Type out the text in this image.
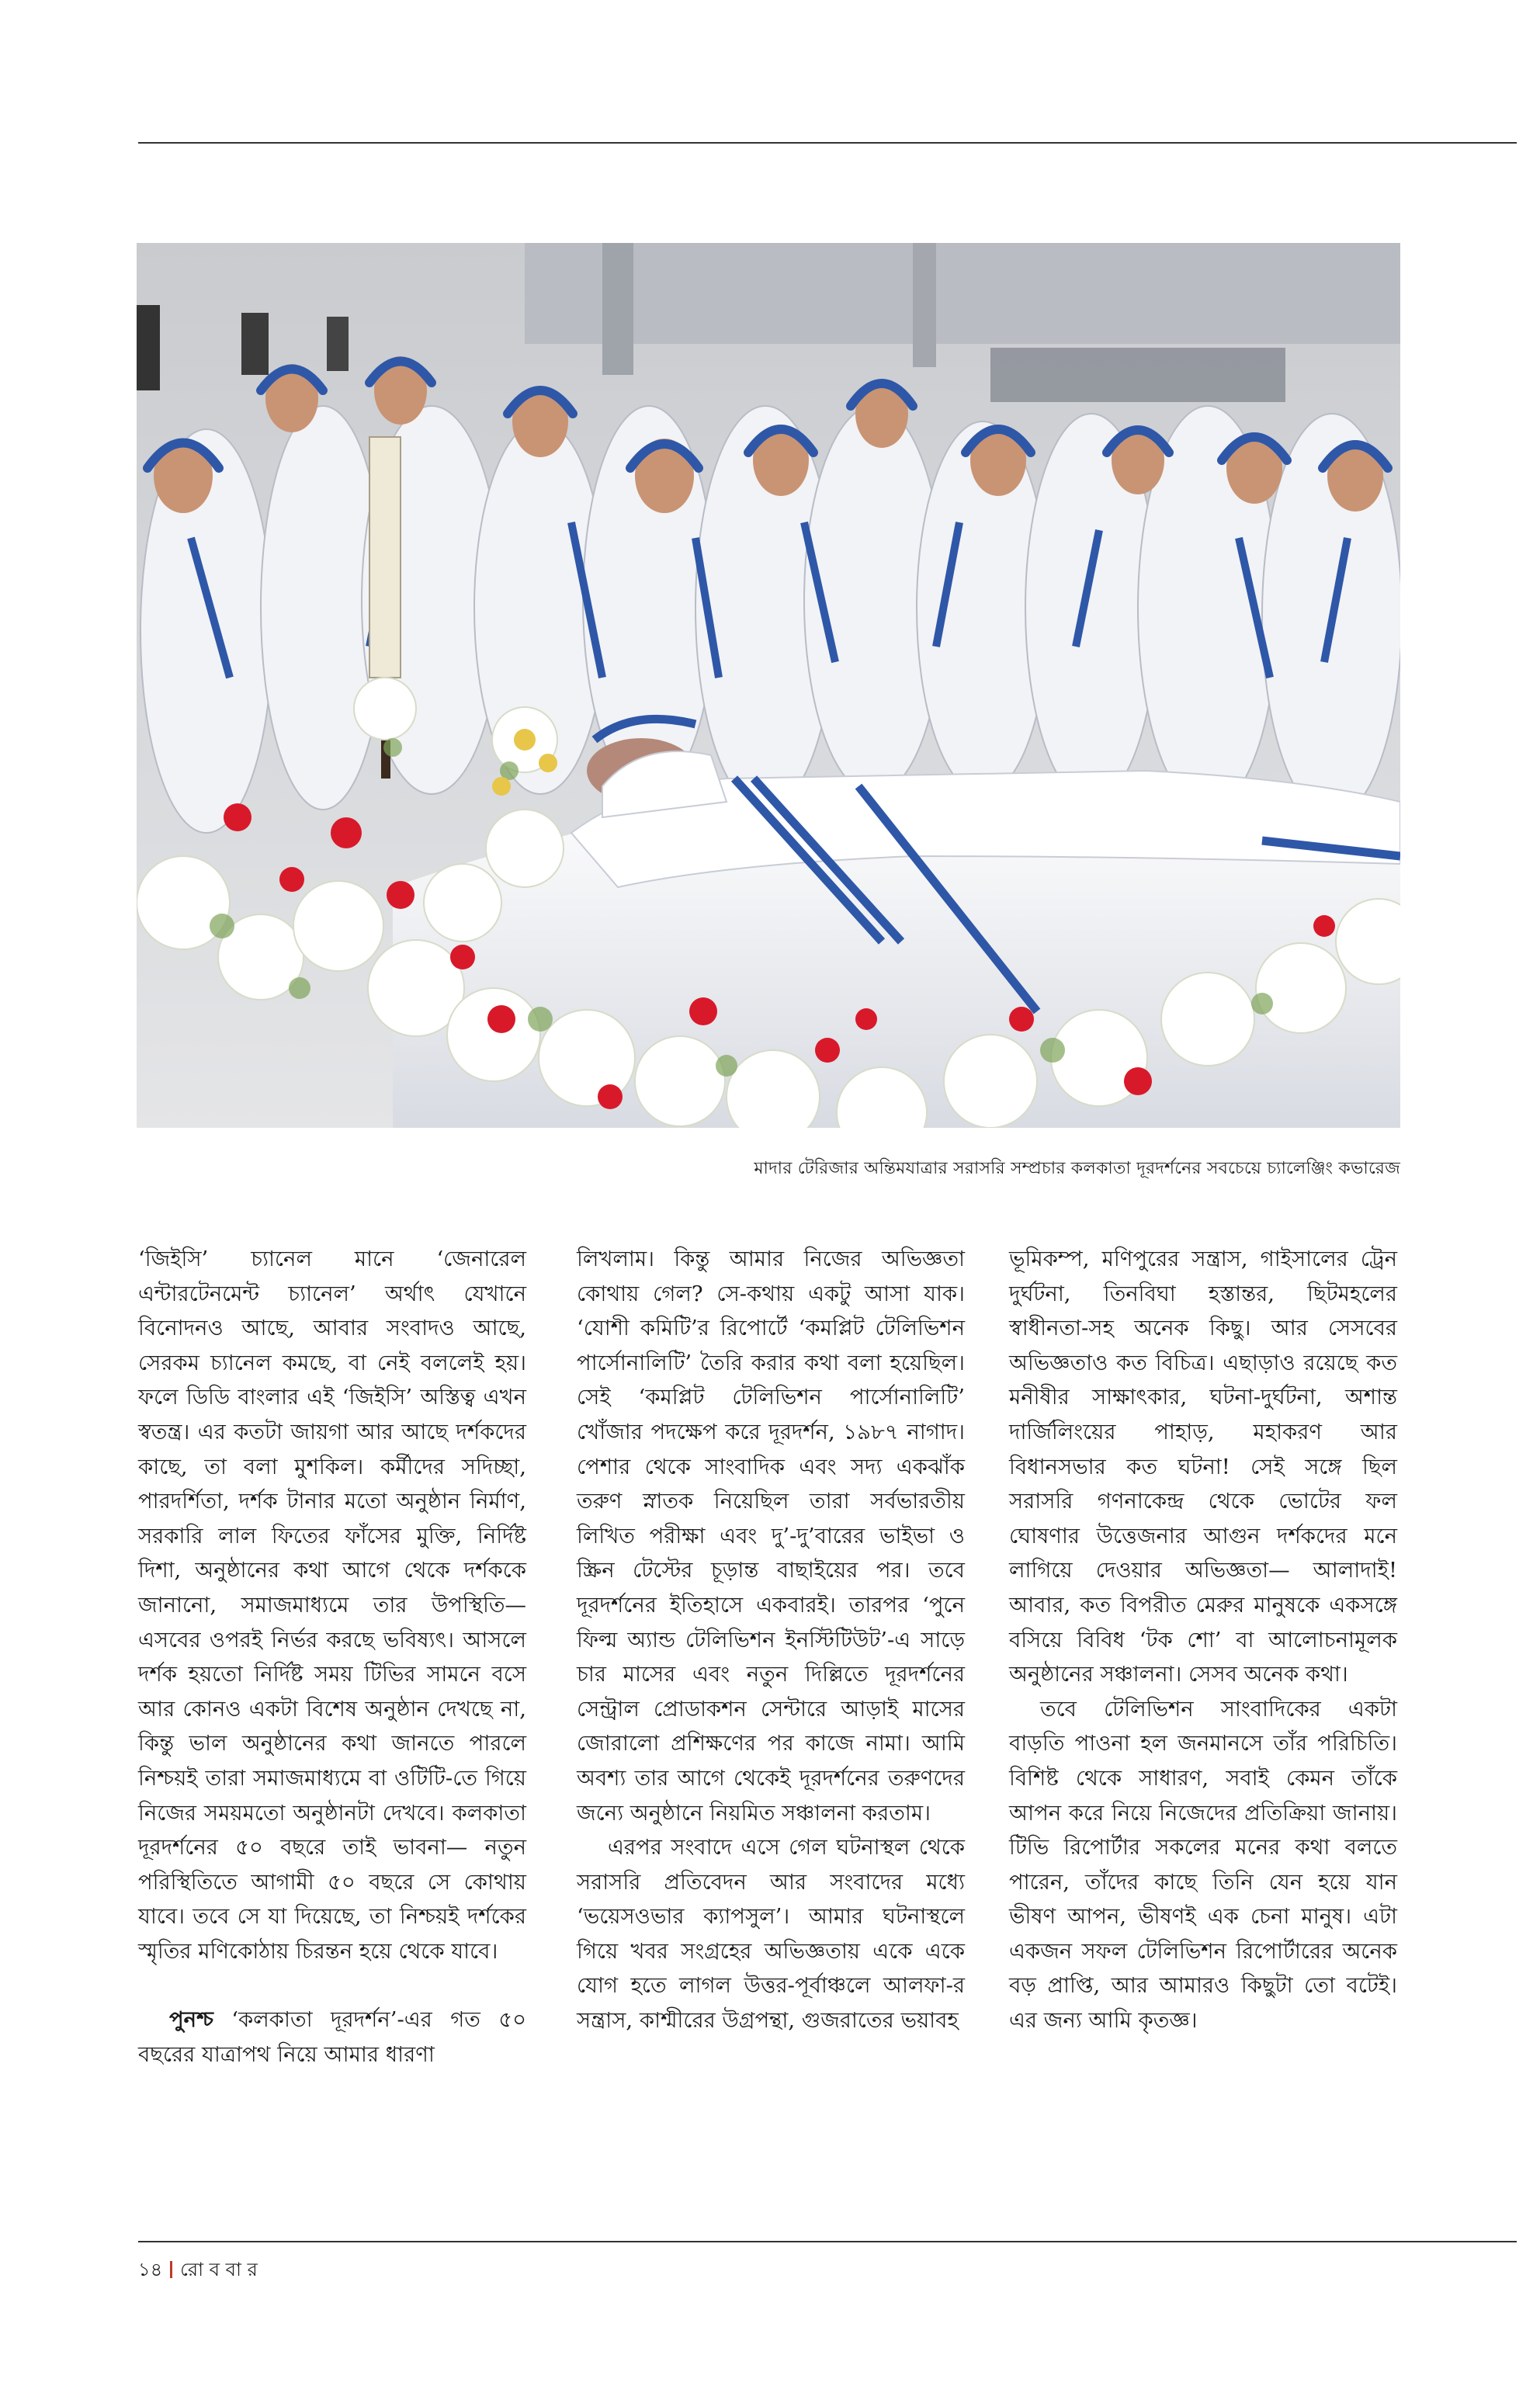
মাদার টেরিজার অন্তিমযাত্রার সরাসরি সম্প্রচার কলকাতা দূরদর্শনের সবচেয়ে চ্যালেঞ্জিং কভারেজ

‘জিইসি’ চ্যানেল মানে ‘জেনারেল এন্টারটেনমেন্ট চ্যানেল’ অর্থাৎ যেখানে বিনোদনও আছে, আবার সংবাদও আছে, সেরকম চ্যানেল কমছে, বা নেই বললেই হয়। ফলে ডিডি বাংলার এই ‘জিইসি’ অস্তিত্ব এখন স্বতন্ত্র। এর কতটা জায়গা আর আছে দর্শকদের কাছে, তা বলা মুশকিল। কর্মীদের সদিচ্ছা, পারদর্শিতা, দর্শক টানার মতো অনুষ্ঠান নির্মাণ, সরকারি লাল ফিতের ফাঁসের মুক্তি, নির্দিষ্ট দিশা, অনুষ্ঠানের কথা আগে থেকে দর্শককে জানানো, সমাজমাধ্যমে তার উপস্থিতি— এসবের ওপরই নির্ভর করছে ভবিষ্যৎ। আসলে দর্শক হয়তো নির্দিষ্ট সময় টিভির সামনে বসে আর কোনও একটা বিশেষ অনুষ্ঠান দেখছে না, কিন্তু ভাল অনুষ্ঠানের কথা জানতে পারলে নিশ্চয়ই তারা সমাজমাধ্যমে বা ওটিটি-তে গিয়ে নিজের সময়মতো অনুষ্ঠানটা দেখবে। কলকাতা দূরদর্শনের ৫০ বছরে তাই ভাবনা— নতুন পরিস্থিতিতে আগামী ৫০ বছরে সে কোথায় যাবে। তবে সে যা দিয়েছে, তা নিশ্চয়ই দর্শকের স্মৃতির মণিকোঠায় চিরন্তন হয়ে থেকে যাবে।

পুনশ্চ ‘কলকাতা দূরদর্শন’-এর গত ৫০ বছরের যাত্রাপথ নিয়ে আমার ধারণা

লিখলাম। কিন্তু আমার নিজের অভিজ্ঞতা কোথায় গেল? সে-কথায় একটু আসা যাক। ‘যোশী কমিটি’র রিপোর্টে ‘কমপ্লিট টেলিভিশন পার্সোনালিটি’ তৈরি করার কথা বলা হয়েছিল। সেই ‘কমপ্লিট টেলিভিশন পার্সোনালিটি’ খোঁজার পদক্ষেপ করে দূরদর্শন, ১৯৮৭ নাগাদ। পেশার থেকে সাংবাদিক এবং সদ্য একঝাঁক তরুণ স্নাতক নিয়েছিল তারা সর্বভারতীয় লিখিত পরীক্ষা এবং দু’-দু’বারের ভাইভা ও স্ক্রিন টেস্টের চূড়ান্ত বাছাইয়ের পর। তবে দূরদর্শনের ইতিহাসে একবারই। তারপর ‘পুনে ফিল্ম অ্যান্ড টেলিভিশন ইনস্টিটিউট’-এ সাড়ে চার মাসের এবং নতুন দিল্লিতে দূরদর্শনের সেন্ট্রাল প্রোডাকশন সেন্টারে আড়াই মাসের জোরালো প্রশিক্ষণের পর কাজে নামা। আমি অবশ্য তার আগে থেকেই দূরদর্শনের তরুণদের জন্যে অনুষ্ঠানে নিয়মিত সঞ্চালনা করতাম।

এরপর সংবাদে এসে গেল ঘটনাস্থল থেকে সরাসরি প্রতিবেদন আর সংবাদের মধ্যে ‘ভয়েসওভার ক্যাপসুল’। আমার ঘটনাস্থলে গিয়ে খবর সংগ্রহের অভিজ্ঞতায় একে একে যোগ হতে লাগল উত্তর-পূর্বাঞ্চলে আলফা-র সন্ত্রাস, কাশ্মীরের উগ্রপন্থা, গুজরাতের ভয়াবহ

ভূমিকম্প, মণিপুরের সন্ত্রাস, গাইসালের ট্রেন দুর্ঘটনা, তিনবিঘা হস্তান্তর, ছিটমহলের স্বাধীনতা-সহ অনেক কিছু। আর সেসবের অভিজ্ঞতাও কত বিচিত্র। এছাড়াও রয়েছে কত মনীষীর সাক্ষাৎকার, ঘটনা-দুর্ঘটনা, অশান্ত দার্জিলিংয়ের পাহাড়, মহাকরণ আর বিধানসভার কত ঘটনা! সেই সঙ্গে ছিল সরাসরি গণনাকেন্দ্র থেকে ভোটের ফল ঘোষণার উত্তেজনার আগুন দর্শকদের মনে লাগিয়ে দেওয়ার অভিজ্ঞতা— আলাদাই! আবার, কত বিপরীত মেরুর মানুষকে একসঙ্গে বসিয়ে বিবিধ ‘টক শো’ বা আলোচনামূলক অনুষ্ঠানের সঞ্চালনা। সেসব অনেক কথা।

তবে টেলিভিশন সাংবাদিকের একটা বাড়তি পাওনা হল জনমানসে তাঁর পরিচিতি। বিশিষ্ট থেকে সাধারণ, সবাই কেমন তাঁকে আপন করে নিয়ে নিজেদের প্রতিক্রিয়া জানায়। টিভি রিপোর্টার সকলের মনের কথা বলতে পারেন, তাঁদের কাছে তিনি যেন হয়ে যান ভীষণ আপন, ভীষণই এক চেনা মানুষ। এটা একজন সফল টেলিভিশন রিপোর্টারের অনেক বড় প্রাপ্তি, আর আমারও কিছুটা তো বটেই। এর জন্য আমি কৃতজ্ঞ।

১৪ রো ব বা র
